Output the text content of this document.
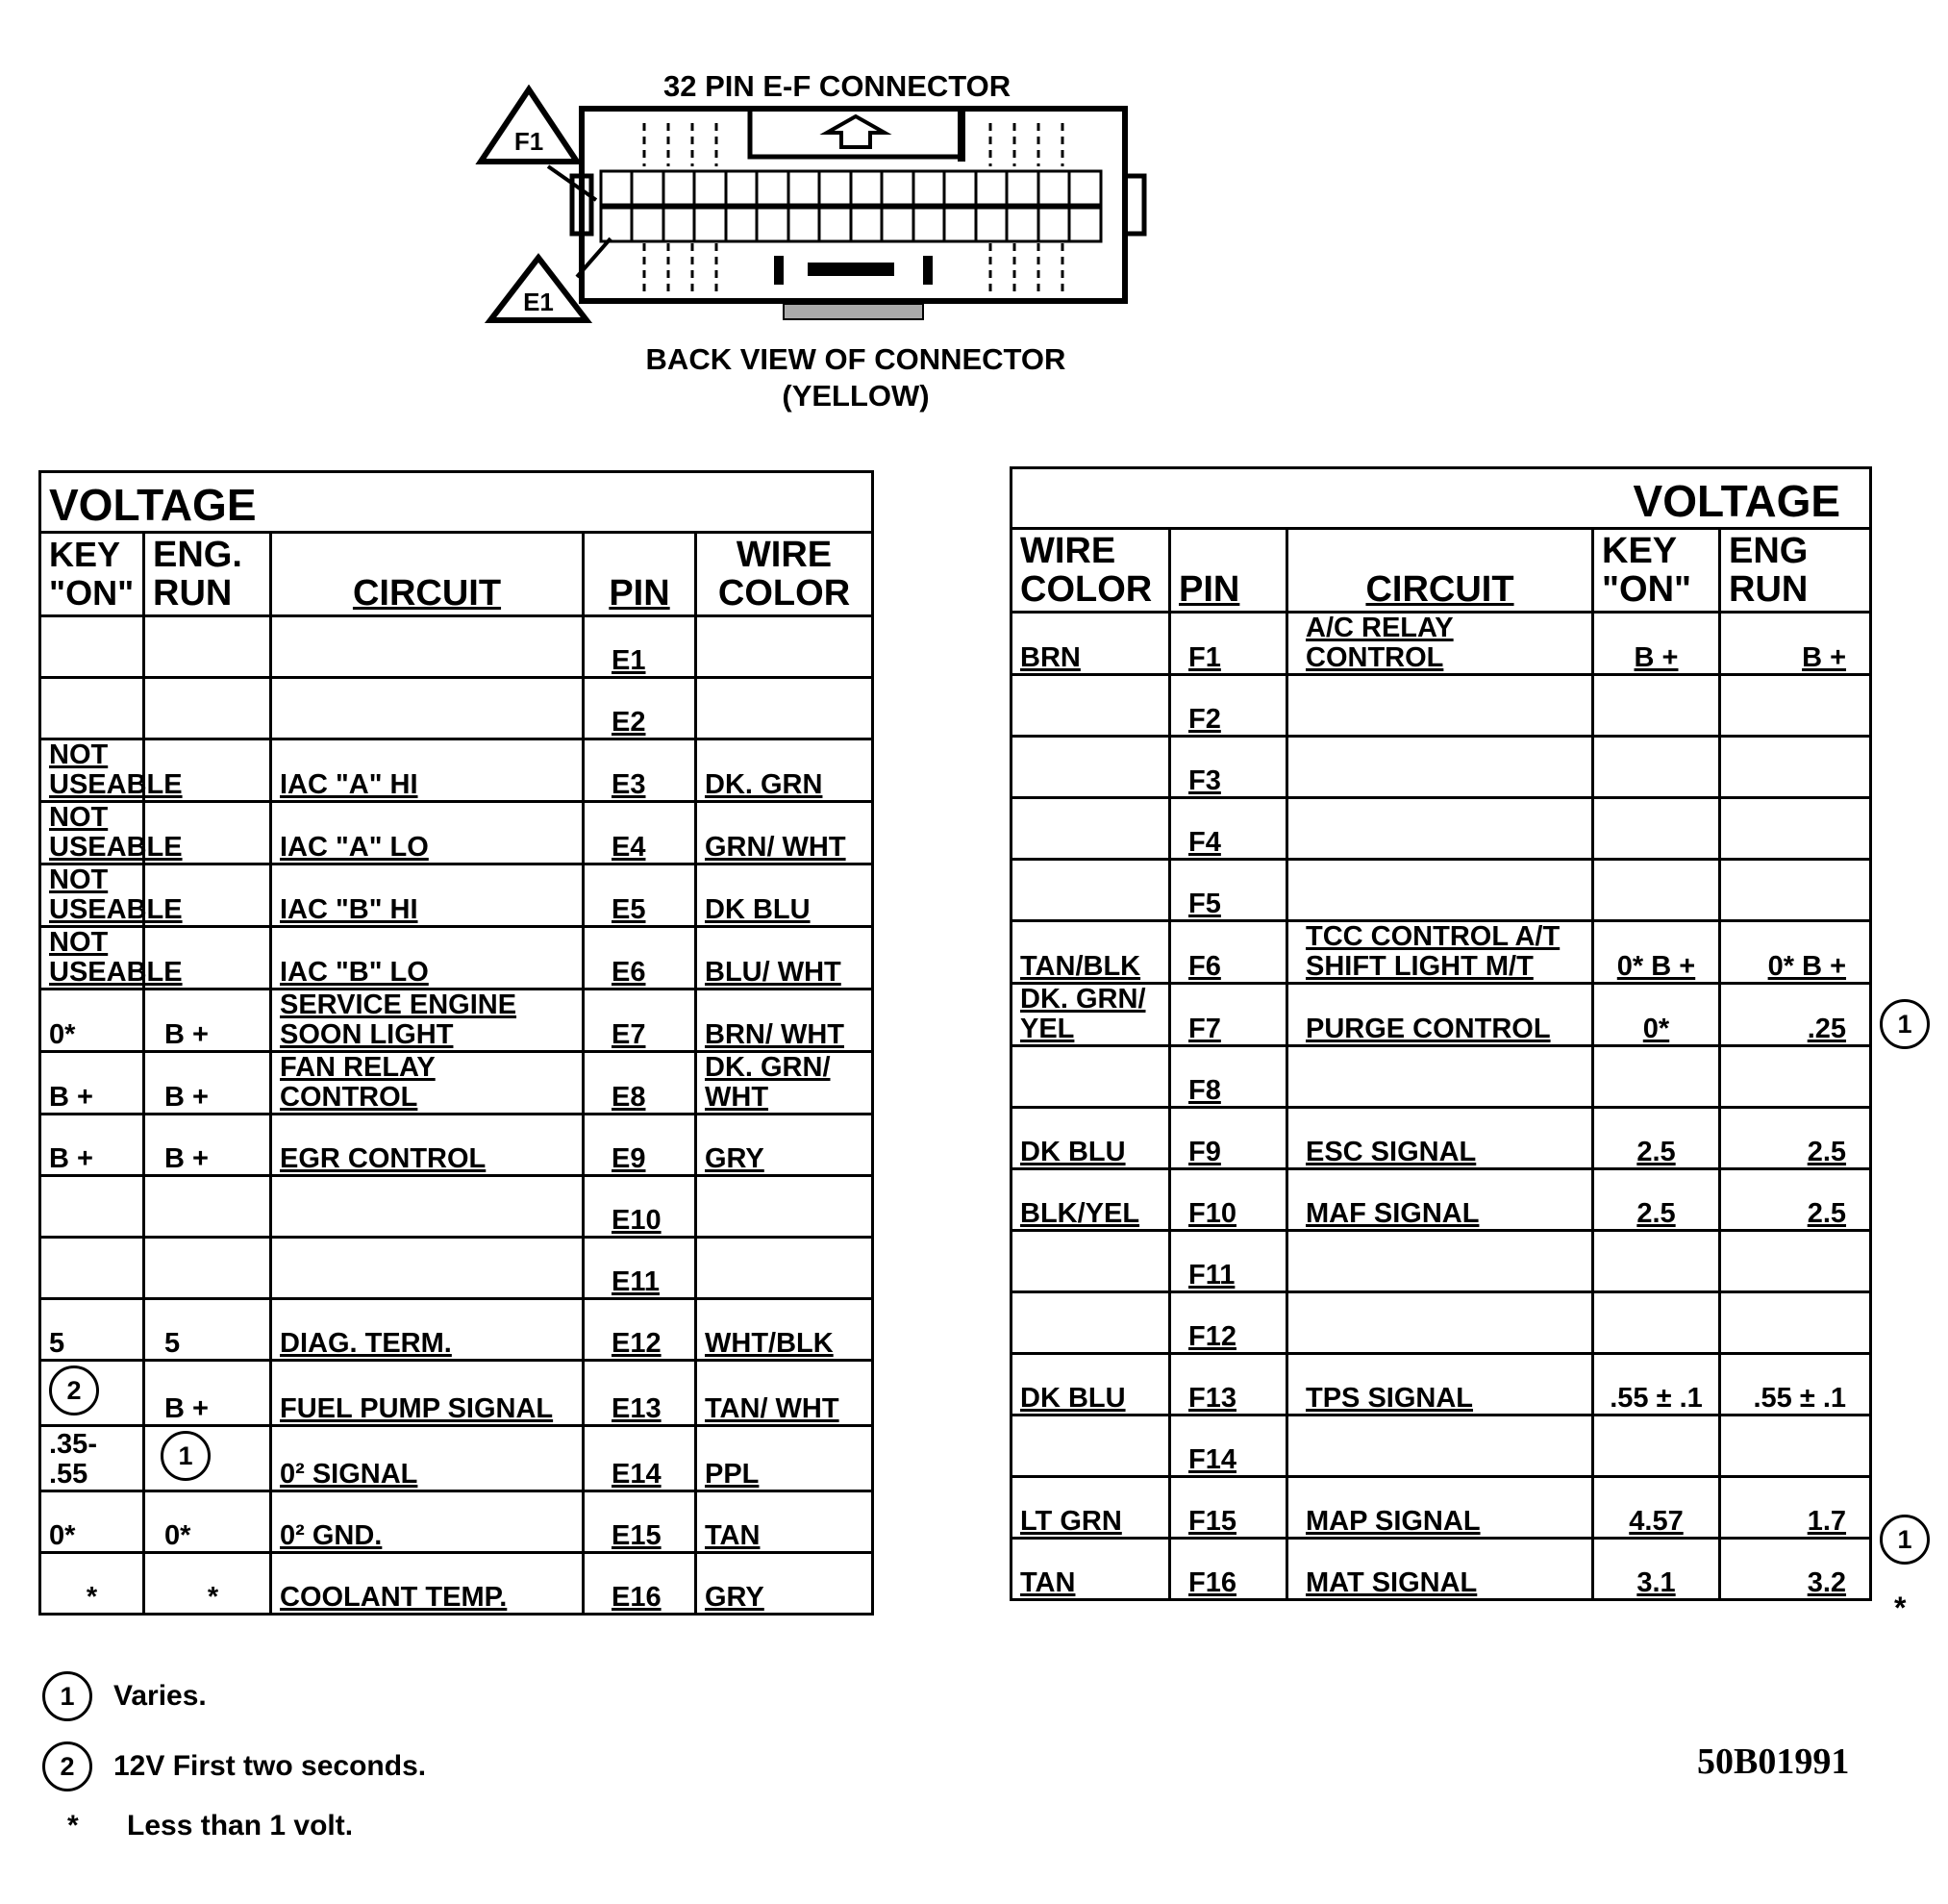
32 PIN E-F CONNECTOR
F1
E1
BACK VIEW OF CONNECTOR
(YELLOW)
VOLTAGE				
KEY "ON"	ENG. RUN	CIRCUIT	PIN	WIRE COLOR
			E1	
			E2	
NOT USEABLE		IAC "A" HI	E3	DK. GRN
NOT USEABLE		IAC "A" LO	E4	GRN/ WHT
NOT USEABLE		IAC "B" HI	E5	DK BLU
NOT USEABLE		IAC "B" LO	E6	BLU/ WHT
0*	B +	SERVICE ENGINE SOON LIGHT	E7	BRN/ WHT
B +	B +	FAN RELAY CONTROL	E8	DK. GRN/ WHT
B +	B +	EGR CONTROL	E9	GRY
			E10	
			E11	
5	5	DIAG. TERM.	E12	WHT/BLK
2	B +	FUEL PUMP SIGNAL	E13	TAN/ WHT
.35- .55	1	0² SIGNAL	E14	PPL
0*	0*	0² GND.	E15	TAN
*	*	COOLANT TEMP.	E16	GRY
VOLTAGE				
WIRE COLOR	PIN	CIRCUIT	KEY "ON"	ENG RUN
BRN	F1	A/C RELAY CONTROL	B +	B +
	F2			
	F3			
	F4			
	F5			
TAN/BLK	F6	TCC CONTROL A/T SHIFT LIGHT M/T	0* B +	0* B +
DK. GRN/ YEL	F7	PURGE CONTROL	0*	.25
	F8			
DK BLU	F9	ESC SIGNAL	2.5	2.5
BLK/YEL	F10	MAF SIGNAL	2.5	2.5
	F11			
	F12			
DK BLU	F13	TPS SIGNAL	.55 ± .1	.55 ± .1
	F14			
LT GRN	F15	MAP SIGNAL	4.57	1.7
TAN	F16	MAT SIGNAL	3.1	3.2
1
1
*
1	Varies.
2	12V First two seconds.
*	Less than 1 volt.
50B01991
